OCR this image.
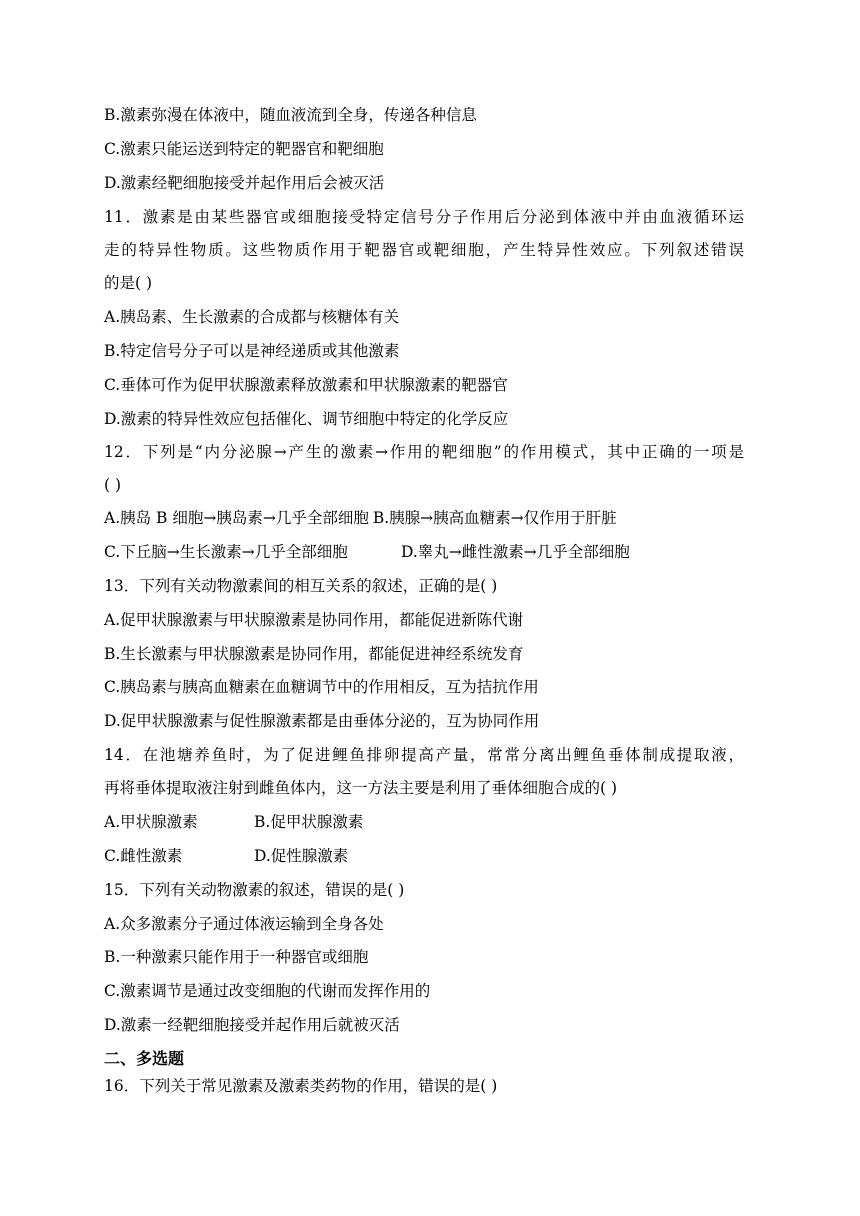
B.激素弥漫在体液中，随血液流到全身，传递各种信息
C.激素只能运送到特定的靶器官和靶细胞
D.激素经靶细胞接受并起作用后会被灭活
11．激素是由某些器官或细胞接受特定信号分子作用后分泌到体液中并由血液循环运
走的特异性物质。这些物质作用于靶器官或靶细胞，产生特异性效应。下列叙述错误
的是( )
A.胰岛素、生长激素的合成都与核糖体有关
B.特定信号分子可以是神经递质或其他激素
C.垂体可作为促甲状腺激素释放激素和甲状腺激素的靶器官
D.激素的特异性效应包括催化、调节细胞中特定的化学反应
12．下列是“内分泌腺→产生的激素→作用的靶细胞”的作用模式，其中正确的一项是
( )
A.胰岛 B 细胞→胰岛素→几乎全部细胞 B.胰腺→胰高血糖素→仅作用于肝脏
C.下丘脑→生长激素→几乎全部细胞	D.睾丸→雌性激素→几乎全部细胞
13．下列有关动物激素间的相互关系的叙述，正确的是( )
A.促甲状腺激素与甲状腺激素是协同作用，都能促进新陈代谢
B.生长激素与甲状腺激素是协同作用，都能促进神经系统发育
C.胰岛素与胰高血糖素在血糖调节中的作用相反，互为拮抗作用
D.促甲状腺激素与促性腺激素都是由垂体分泌的，互为协同作用
14．在池塘养鱼时，为了促进鲤鱼排卵提高产量，常常分离出鲤鱼垂体制成提取液，
再将垂体提取液注射到雌鱼体内，这一方法主要是利用了垂体细胞合成的( )
A.甲状腺激素	B.促甲状腺激素
C.雌性激素	D.促性腺激素
15．下列有关动物激素的叙述，错误的是( )
A.众多激素分子通过体液运输到全身各处
B.一种激素只能作用于一种器官或细胞
C.激素调节是通过改变细胞的代谢而发挥作用的
D.激素一经靶细胞接受并起作用后就被灭活
二、多选题
16．下列关于常见激素及激素类药物的作用，错误的是( )
